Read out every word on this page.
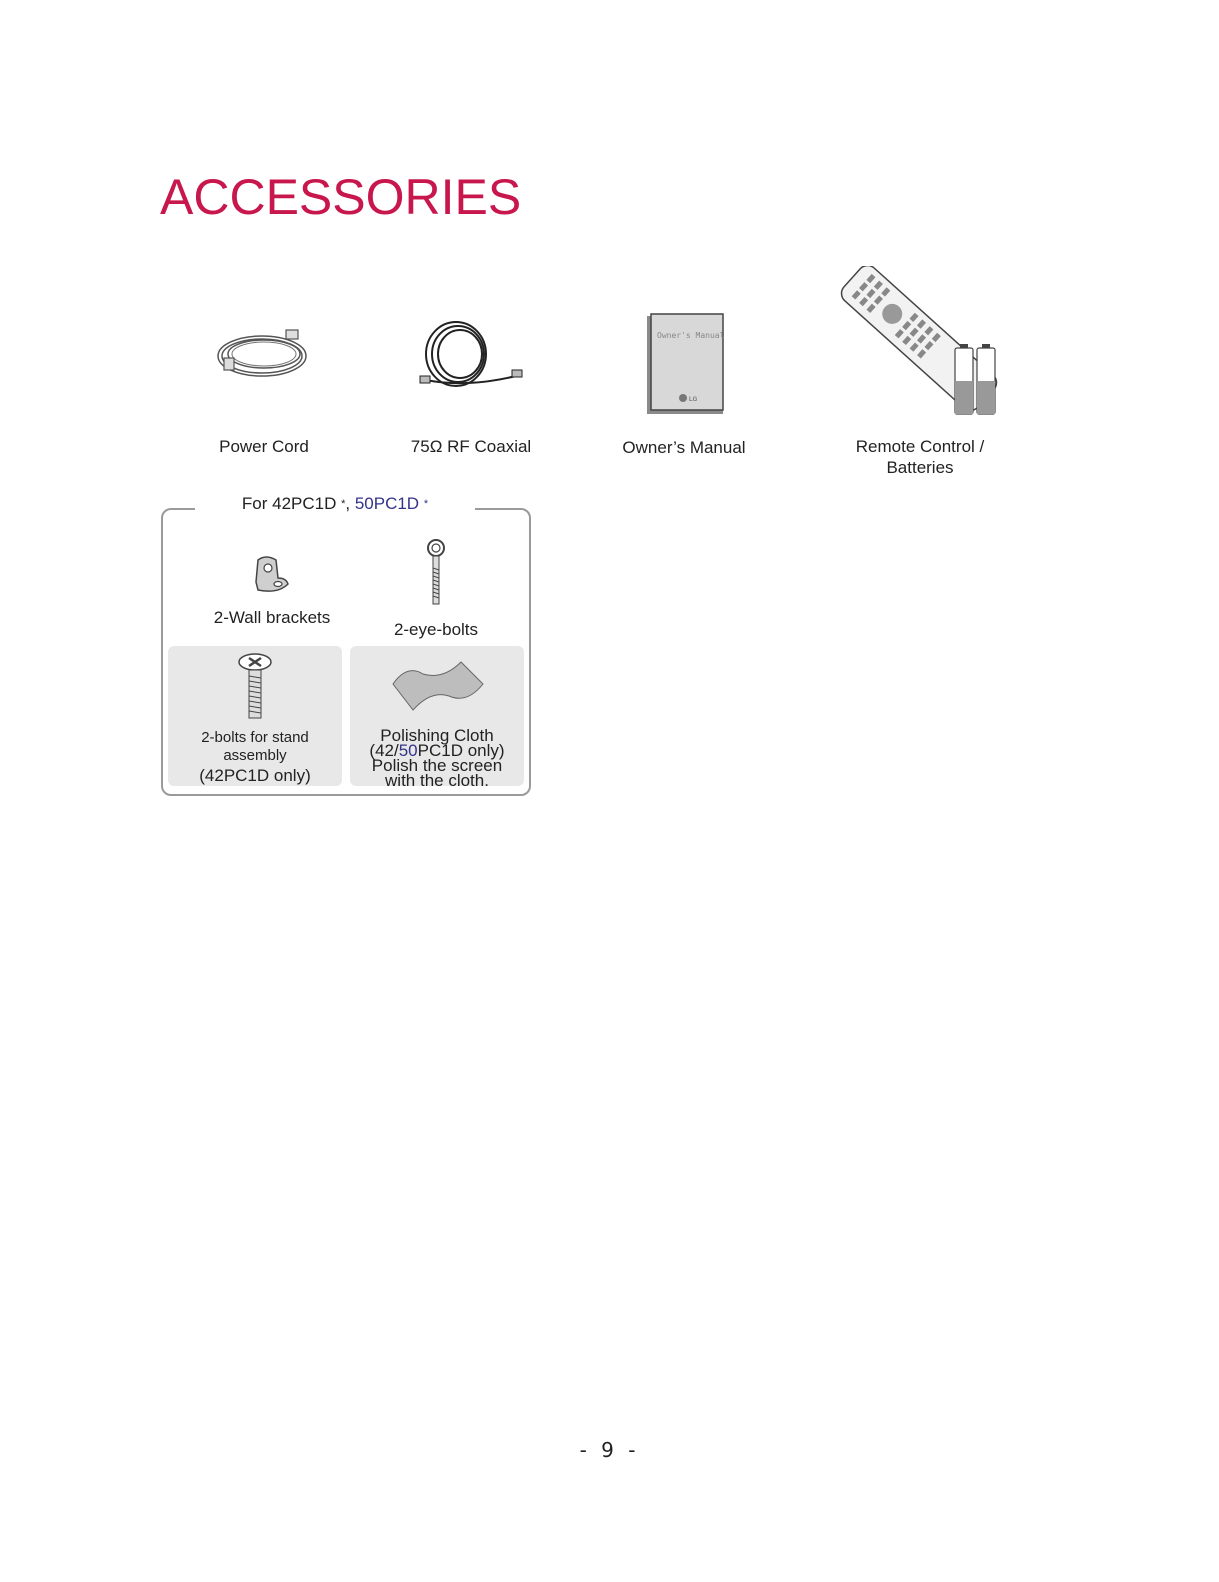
ACCESSORIES
Power Cord	75Ω RF Coaxial
Owner's Manual
LG
Owner’s Manual	Remote Control /
Batteries
For 42PC1D *, 50PC1D *
2-Wall brackets
2-eye-bolts
2-bolts for stand assembly
(42PC1D only)
Polishing Cloth
(42/50PC1D only)
Polish the screen
with the cloth.
- 9 -
